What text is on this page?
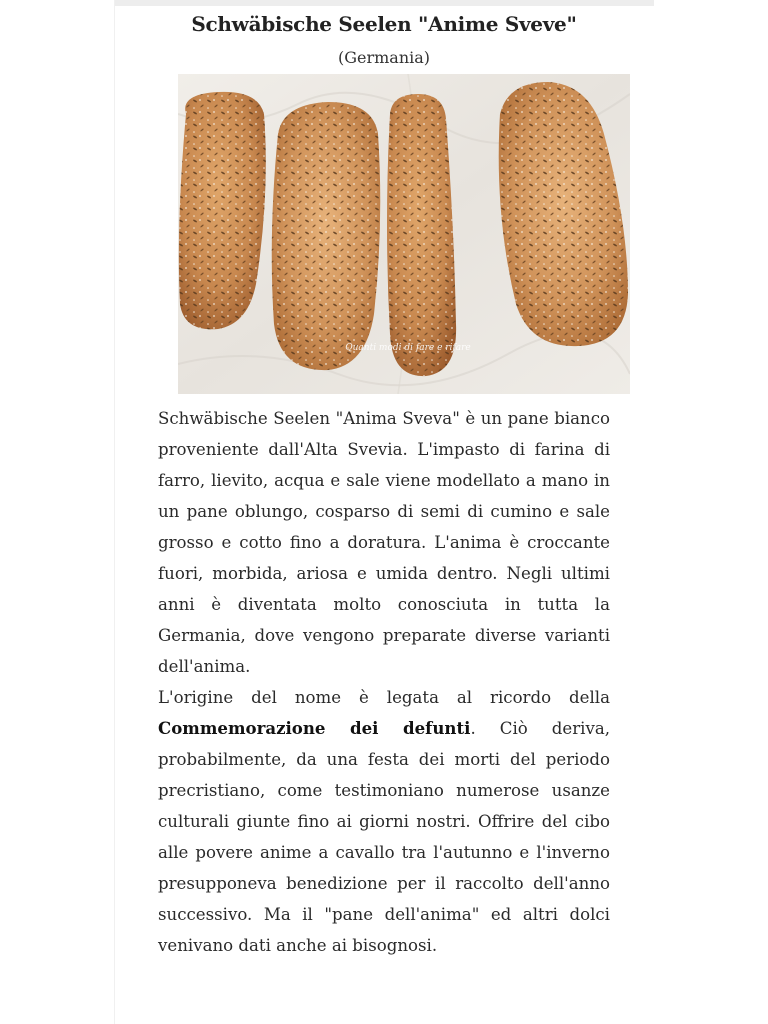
Schwäbische Seelen "Anime Sveve"
(Germania)
Quanti modi di fare e rifare

Schwäbische Seelen "Anima Sveva" è un pane bianco proveniente dall'Alta Svevia. L'impasto di farina di farro, lievito, acqua e sale viene modellato a mano in un pane oblungo, cosparso di semi di cumino e sale grosso e cotto fino a doratura. L'anima è croccante fuori, morbida, ariosa e umida dentro. Negli ultimi anni è diventata molto conosciuta in tutta la Germania, dove vengono preparate diverse varianti dell'anima.

L'origine del nome è legata al ricordo della Commemorazione dei defunti. Ciò deriva, probabilmente, da una festa dei morti del periodo precristiano, come testimoniano numerose usanze culturali giunte fino ai giorni nostri. Offrire del cibo alle povere anime a cavallo tra l'autunno e l'inverno presupponeva benedizione per il raccolto dell'anno successivo. Ma il "pane dell'anima" ed altri dolci venivano dati anche ai bisognosi.
